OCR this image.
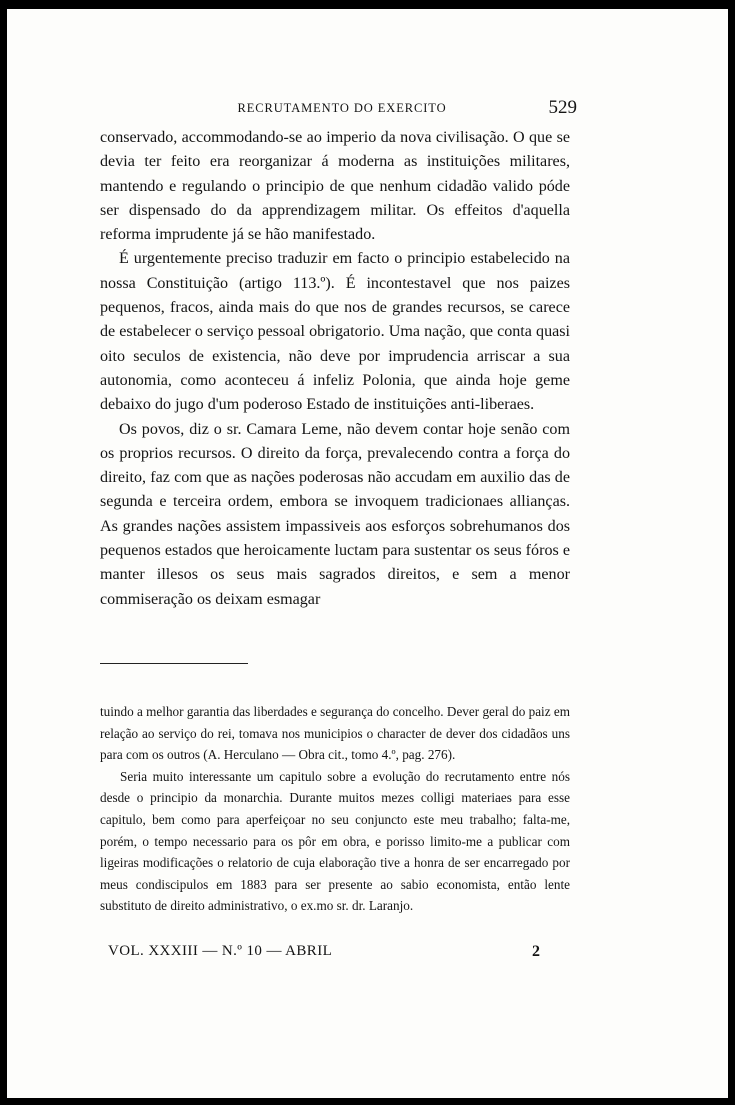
RECRUTAMENTO DO EXERCITO	529

conservado, accommodando-se ao imperio da nova civilisação. O que se devia ter feito era reorganizar á moderna as instituições militares, mantendo e regulando o principio de que nenhum cidadão valido póde ser dispensado do da apprendizagem militar. Os effeitos d'aquella reforma imprudente já se hão manifestado.

É urgentemente preciso traduzir em facto o principio estabelecido na nossa Constituição (artigo 113.º). É incontestavel que nos paizes pequenos, fracos, ainda mais do que nos de grandes recursos, se carece de estabelecer o serviço pessoal obrigatorio. Uma nação, que conta quasi oito seculos de existencia, não deve por imprudencia arriscar a sua autonomia, como aconteceu á infeliz Polonia, que ainda hoje geme debaixo do jugo d'um poderoso Estado de instituições anti-liberaes.

Os povos, diz o sr. Camara Leme, não devem contar hoje senão com os proprios recursos. O direito da força, prevalecendo contra a força do direito, faz com que as nações poderosas não accudam em auxilio das de segunda e terceira ordem, embora se invoquem tradicionaes allianças. As grandes nações assistem impassiveis aos esforços sobrehumanos dos pequenos estados que heroicamente luctam para sustentar os seus fóros e manter illesos os seus mais sagrados direitos, e sem a menor commiseração os deixam esmagar

tuindo a melhor garantia das liberdades e segurança do concelho. Dever geral do paiz em relação ao serviço do rei, tomava nos municipios o character de dever dos cidadãos uns para com os outros (A. Herculano — Obra cit., tomo 4.º, pag. 276).

Seria muito interessante um capitulo sobre a evolução do recrutamento entre nós desde o principio da monarchia. Durante muitos mezes colligi materiaes para esse capitulo, bem como para aperfeiçoar no seu conjuncto este meu trabalho; falta-me, porém, o tempo necessario para os pôr em obra, e porisso limito-me a publicar com ligeiras modificações o relatorio de cuja elaboração tive a honra de ser encarregado por meus condiscipulos em 1883 para ser presente ao sabio economista, então lente substituto de direito administrativo, o ex.mo sr. dr. Laranjo.

VOL. XXXIII — N.º 10 — ABRIL	2
